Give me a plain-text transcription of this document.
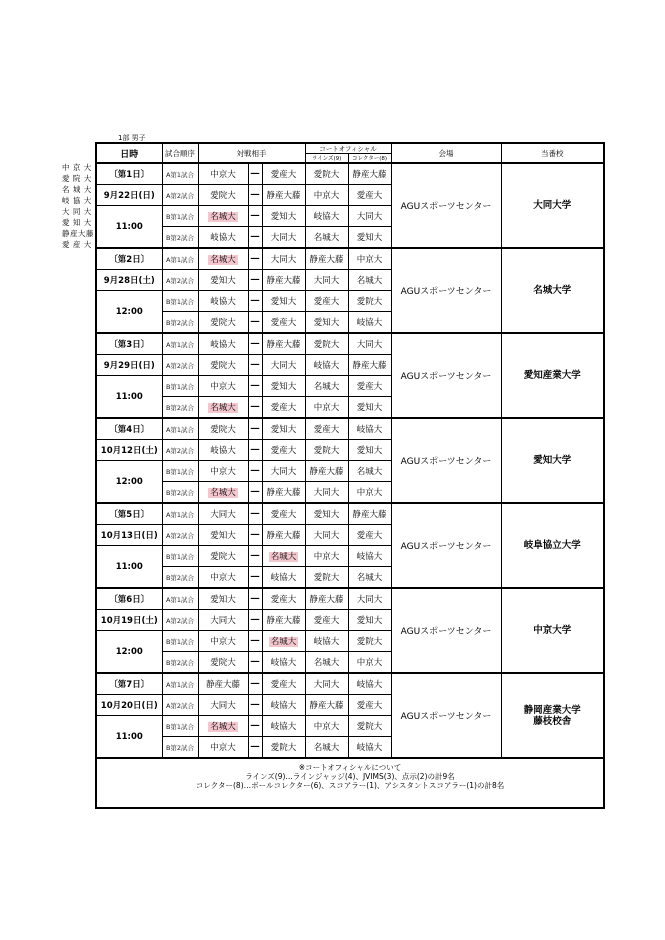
中 京 大
愛 院 大
名 城 大
岐 協 大
大 同 大
愛 知 大
静産大藤
愛 産 大
1部 男子
日時	試合順序	対戦相手			コートオフィシャル		会場	当番校
					ラインズ(9)	コレクター(8)		
〔第1日〕	A第1試合	中京大	―	愛産大	愛院大	静産大藤	AGUスポーツセンター	大同大学
9月22日(日)	A第2試合	愛院大	―	静産大藤	中京大	愛産大		
11:00	B第1試合	名城大	―	愛知大	岐協大	大同大		
	B第2試合	岐協大	―	大同大	名城大	愛知大		
〔第2日〕	A第1試合	名城大	―	大同大	静産大藤	中京大	AGUスポーツセンター	名城大学
9月28日(土)	A第2試合	愛知大	―	静産大藤	大同大	名城大		
12:00	B第1試合	岐協大	―	愛知大	愛産大	愛院大		
	B第2試合	愛院大	―	愛産大	愛知大	岐協大		
〔第3日〕	A第1試合	岐協大	―	静産大藤	愛院大	大同大	AGUスポーツセンター	愛知産業大学
9月29日(日)	A第2試合	愛院大	―	大同大	岐協大	静産大藤		
11:00	B第1試合	中京大	―	愛知大	名城大	愛産大		
	B第2試合	名城大	―	愛産大	中京大	愛知大		
〔第4日〕	A第1試合	愛院大	―	愛知大	愛産大	岐協大	AGUスポーツセンター	愛知大学
10月12日(土)	A第2試合	岐協大	―	愛産大	愛院大	愛知大		
12:00	B第1試合	中京大	―	大同大	静産大藤	名城大		
	B第2試合	名城大	―	静産大藤	大同大	中京大		
〔第5日〕	A第1試合	大同大	―	愛産大	愛知大	静産大藤	AGUスポーツセンター	岐阜協立大学
10月13日(日)	A第2試合	愛知大	―	静産大藤	大同大	愛産大		
11:00	B第1試合	愛院大	―	名城大	中京大	岐協大		
	B第2試合	中京大	―	岐協大	愛院大	名城大		
〔第6日〕	A第1試合	愛知大	―	愛産大	静産大藤	大同大	AGUスポーツセンター	中京大学
10月19日(土)	A第2試合	大同大	―	静産大藤	愛産大	愛知大		
12:00	B第1試合	中京大	―	名城大	岐協大	愛院大		
	B第2試合	愛院大	―	岐協大	名城大	中京大		
〔第7日〕	A第1試合	静産大藤	―	愛産大	大同大	岐協大	AGUスポーツセンター	静岡産業大学
藤枝校舎
10月20日(日)	A第2試合	大同大	―	岐協大	静産大藤	愛産大		
11:00	B第1試合	名城大	―	岐協大	中京大	愛院大		
	B第2試合	中京大	―	愛院大	名城大	岐協大		

※コートオフィシャルについて
ラインズ(9)…ラインジャッジ(4)、JVIMS(3)、点示(2)の計9名
コレクター(8)…ボールコレクター(6)、スコアラー(1)、アシスタントスコアラー(1)の計8名								
